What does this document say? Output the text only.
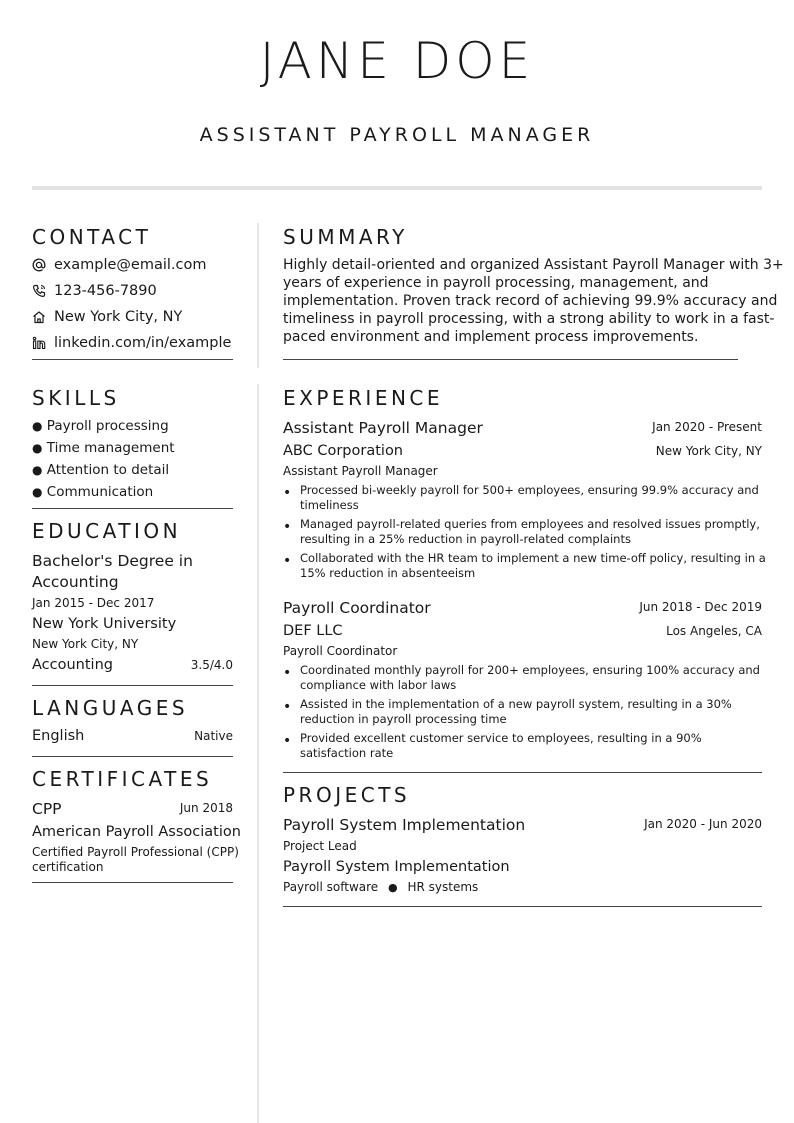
JANE DOE
ASSISTANT PAYROLL MANAGER
CONTACT
example@email.com
123-456-7890
New York City, NY
linkedin.com/in/example
SKILLS
● Payroll processing
● Time management
● Attention to detail
● Communication
EDUCATION
Bachelor's Degree in
Accounting
Jan 2015 - Dec 2017
New York University
New York City, NY
Accounting	3.5/4.0
LANGUAGES
English	Native
CERTIFICATES
CPP	Jun 2018
American Payroll Association
Certified Payroll Professional (CPP)
certification
SUMMARY
Highly detail-oriented and organized Assistant Payroll Manager with 3+
years of experience in payroll processing, management, and
implementation. Proven track record of achieving 99.9% accuracy and
timeliness in payroll processing, with a strong ability to work in a fast-
paced environment and implement process improvements.
EXPERIENCE
Assistant Payroll Manager	Jan 2020 - Present
ABC Corporation	New York City, NY
Assistant Payroll Manager
• Processed bi-weekly payroll for 500+ employees, ensuring 99.9% accuracy and
timeliness
• Managed payroll-related queries from employees and resolved issues promptly,
resulting in a 25% reduction in payroll-related complaints
• Collaborated with the HR team to implement a new time-off policy, resulting in a
15% reduction in absenteeism
Payroll Coordinator	Jun 2018 - Dec 2019
DEF LLC	Los Angeles, CA
Payroll Coordinator
• Coordinated monthly payroll for 200+ employees, ensuring 100% accuracy and
compliance with labor laws
• Assisted in the implementation of a new payroll system, resulting in a 30%
reduction in payroll processing time
• Provided excellent customer service to employees, resulting in a 90%
satisfaction rate
PROJECTS
Payroll System Implementation	Jan 2020 - Jun 2020
Project Lead
Payroll System Implementation
Payroll software ● HR systems
